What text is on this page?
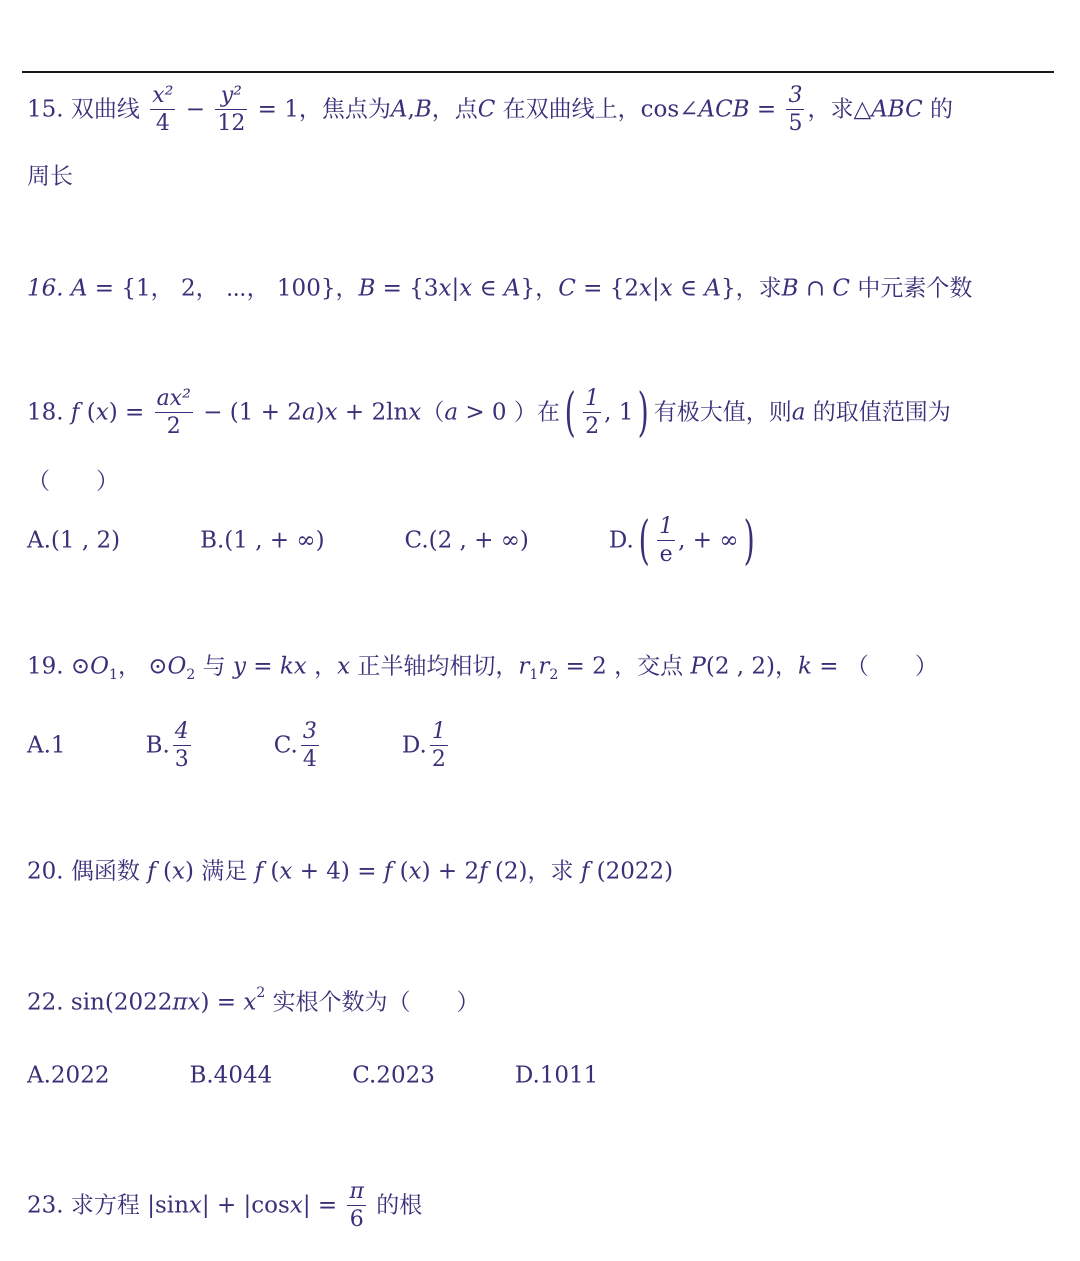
15. 双曲线 $\frac{\text{x²}}{4} - \frac{\text{y²}}{12} = 1$，焦点为A,B，点C 在双曲线上，cos∠ACB = $\frac{3}{5}$ ，求△ABC 的
周长
16. A = {1， 2， ⋯， 100}，B = {3x|x ∈ A}，C = {2x|x ∈ A}，求B ∩ C 中元素个数
18. f $(x) = \frac{\text{ax²}}{2} - (1 + 2a)x + 2\ln x(a > 0$ ）在( $\frac{1}{2}$ , 1) 有极大值，则a 的取值范围为
（　　）
A.(1 , 2)	B.(1 , + ∞)	C.(2 , + ∞)	$D.( \frac{1}{e}$ , + ∞)
19. $⊙O_1$， $⊙O_2$ 与 y = kx ，x 正半轴均相切，$r_1r_2 = 2$ ，交点 P(2 , 2)，k = （　　）
A.1	B. $\frac{4}{3}$	C. $\frac{3}{4}$	D. $\frac{1}{2}$
20. 偶函数 f (x) 满足 f (x + 4) = f (x) + 2f (2)，求 f (2022)
22. $\sin(2022\pi x) = x^2$ 实根个数为（　　）
A.2022	B.4044	C.2023	D.1011
23. 求方程 $|\sin x| + |\cos x| = \frac{\pi}{6}$ 的根
